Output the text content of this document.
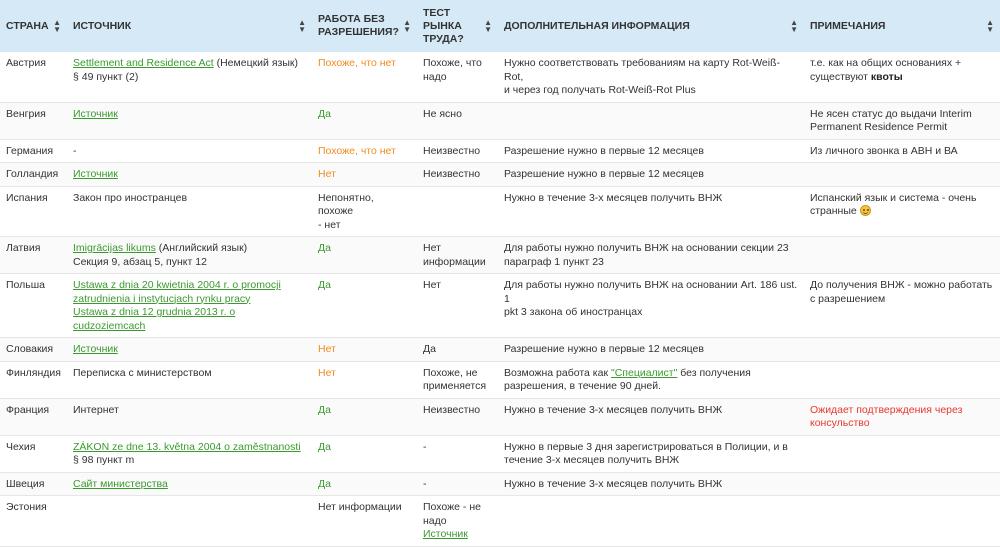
СТРАНА ▲
▼	ИСТОЧНИК ▲
▼	РАБОТА БЕЗ
РАЗРЕШЕНИЯ?
▲
▼	ТЕСТ
РЫНКА
ТРУДА?
▲
▼	ДОПОЛНИТЕЛЬНАЯ ИНФОРМАЦИЯ ▲
▼	ПРИМЕЧАНИЯ ▲
▼

Австрия	Settlement and Residence Act (Немецкий язык)
§ 49 пункт (2)	Похоже, что нет	Похоже, что
надо	Нужно соответствовать требованиям на карту Rot-Weiß-Rot,
и через год получать Rot-Weiß-Rot Plus	т.е. как на общих основаниях +
существуют квоты
Венгрия	Источник	Да	Не ясно		Не ясен статус до выдачи Interim
Permanent Residence Permit
Германия	-	Похоже, что нет	Неизвестно	Разрешение нужно в первые 12 месяцев	Из личного звонка в АВН и ВА
Голландия	Источник	Нет	Неизвестно	Разрешение нужно в первые 12 месяцев	
Испания	Закон про иностранцев	Непонятно, похоже
- нет		Нужно в течение 3-х месяцев получить ВНЖ	Испанский язык и система - очень
странные
Латвия	Imigrācijas likums (Английский язык)
Секция 9, абзац 5, пункт 12	Да	Нет
информации	Для работы нужно получить ВНЖ на основании секции 23
параграф 1 пункт 23	
Польша	Ustawa z dnia 20 kwietnia 2004 r. o promocji
zatrudnienia i instytucjach rynku pracy
Ustawa z dnia 12 grudnia 2013 r. o cudzoziemcach	Да	Нет	Для работы нужно получить ВНЖ на основании Art. 186 ust. 1
pkt 3 закона об иностранцах	До получения ВНЖ - можно работать
с разрешением
Словакия	Источник	Нет	Да	Разрешение нужно в первые 12 месяцев	
Финляндия	Переписка с министерством	Нет	Похоже, не
применяется	Возможна работа как "Специалист" без получения
разрешения, в течение 90 дней.	
Франция	Интернет	Да	Неизвестно	Нужно в течение 3-х месяцев получить ВНЖ	Ожидает подтверждения через
консульство
Чехия	ZÁKON ze dne 13. května 2004 o zaměstnanosti
§ 98 пункт m	Да	-	Нужно в первые 3 дня зарегистрироваться в Полиции, и в
течение 3-х месяцев получить ВНЖ	
Швеция	Сайт министерства	Да	-	Нужно в течение 3-х месяцев получить ВНЖ	
Эстония		Нет информации	Похоже - не
надо
Источник		
